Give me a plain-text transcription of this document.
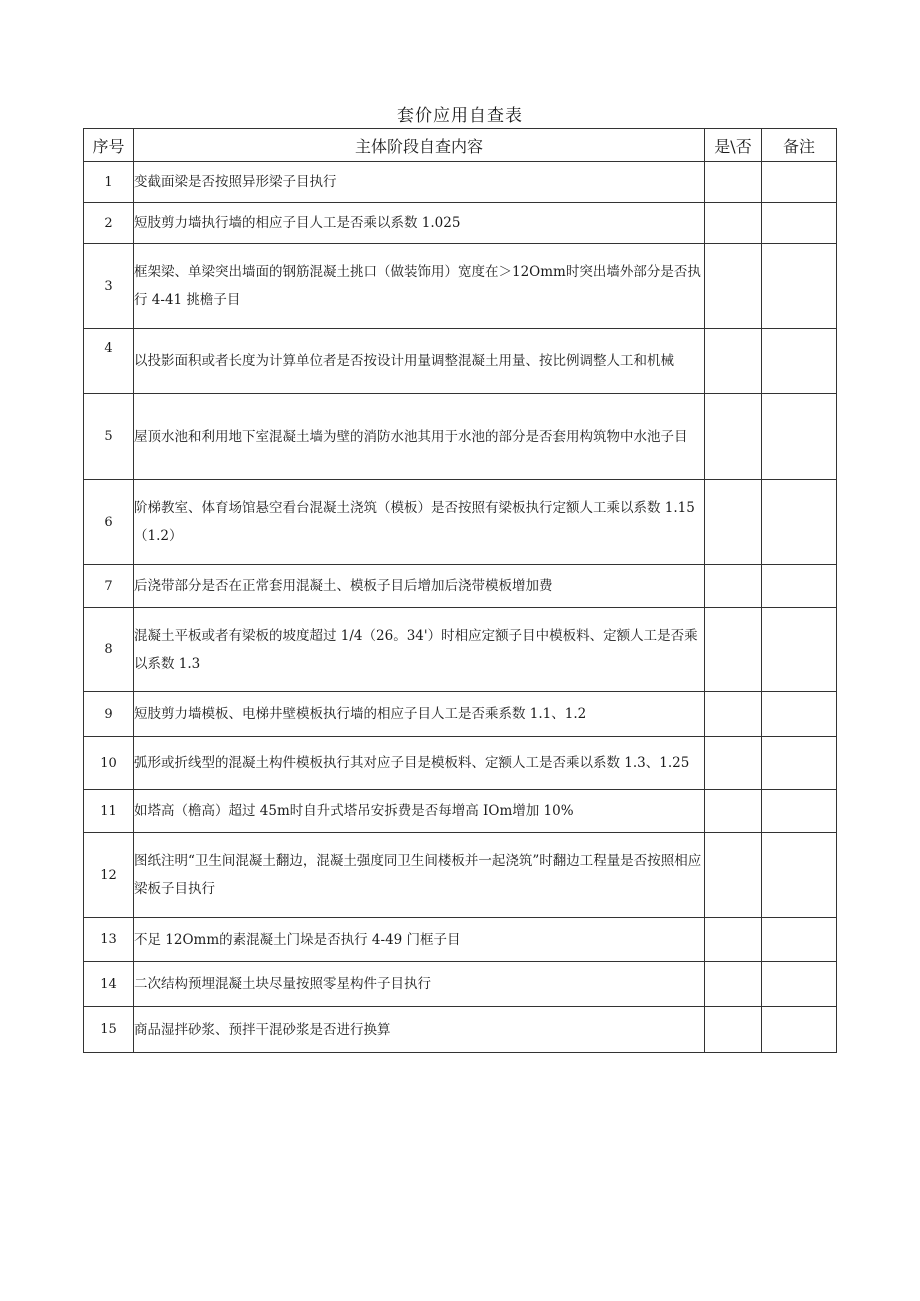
套价应用自查表
序号	主体阶段自查内容	是\否	备注
1	变截面梁是否按照异形梁子目执行		
2	短肢剪力墙执行墙的相应子目人工是否乘以系数 1.025		
3	框架梁、单梁突出墙面的钢筋混凝土挑口（做装饰用）宽度在＞12Omm时突出墙外部分是否执行 4-41 挑檐子目		
4	以投影面积或者长度为计算单位者是否按设计用量调整混凝土用量、按比例调整人工和机械		
5	屋顶水池和利用地下室混凝土墙为壁的消防水池其用于水池的部分是否套用构筑物中水池子目		
6	阶梯教室、体育场馆悬空看台混凝土浇筑（模板）是否按照有梁板执行定额人工乘以系数 1.15（1.2）		
7	后浇带部分是否在正常套用混凝土、模板子目后增加后浇带模板增加费		
8	混凝土平板或者有梁板的坡度超过 1/4（26。34'）时相应定额子目中模板料、定额人工是否乘以系数 1.3		
9	短肢剪力墙模板、电梯井壁模板执行墙的相应子目人工是否乘系数 1.1、1.2		
10	弧形或折线型的混凝土构件模板执行其对应子目是模板料、定额人工是否乘以系数 1.3、1.25		
11	如塔高（檐高）超过 45m时自升式塔吊安拆费是否每增高 IOm增加 10%		
12	图纸注明“卫生间混凝土翻边，混凝土强度同卫生间楼板并一起浇筑”时翻边工程量是否按照相应梁板子目执行		
13	不足 12Omm的素混凝土门垛是否执行 4-49 门框子目		
14	二次结构预埋混凝土块尽量按照零星构件子目执行		
15	商品湿拌砂浆、预拌干混砂浆是否进行换算		
